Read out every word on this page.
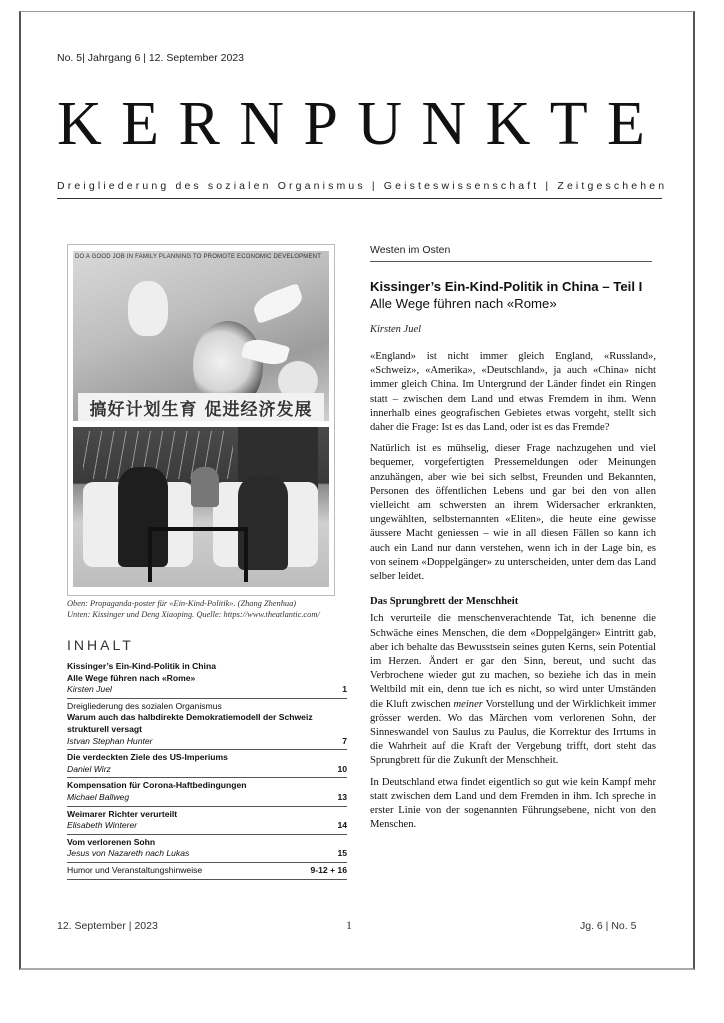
No. 5| Jahrgang 6 | 12. September 2023
KERNPUNKTE
Dreigliederung des sozialen Organismus | Geisteswissenschaft | Zeitgeschehen
DO A GOOD JOB IN FAMILY PLANNING TO PROMOTE ECONOMIC DEVELOPMENT
搞好计划生育 促进经济发展
Oben: Propaganda-poster für «Ein-Kind-Politik». (Zhang Zhenhua)
Unten: Kissinger und Deng Xiaoping. Quelle: https://www.theatlantic.com/
INHALT
Kissinger’s Ein-Kind-Politik in China
Alle Wege führen nach «Rome»
Kirsten Juel	1
Dreigliederung des sozialen Organismus
Warum auch das halbdirekte Demokratiemodell der Schweiz strukturell versagt
Istvan Stephan Hunter	7
Die verdeckten Ziele des US-Imperiums
Daniel Wirz	10
Kompensation für Corona-Haftbedingungen
Michael Ballweg	13
Weimarer Richter verurteilt
Elisabeth Winterer	14
Vom verlorenen Sohn
Jesus von Nazareth nach Lukas	15
Humor und Veranstaltungshinweise	9-12 + 16
Westen im Osten
Kissinger’s Ein-Kind-Politik in China – Teil I
Alle Wege führen nach «Rome»
Kirsten Juel

«England» ist nicht immer gleich England, «Russland», «Schweiz», «Amerika», «Deutschland», ja auch «China» nicht immer gleich China. Im Untergrund der Länder findet ein Ringen statt – zwischen dem Land und etwas Fremdem in ihm. Wenn innerhalb eines geografischen Gebietes etwas vorgeht, stellt sich daher die Frage: Ist es das Land, oder ist es das Fremde?

Natürlich ist es mühselig, dieser Frage nachzugehen und viel bequemer, vorgefertigten Pressemeldungen oder Meinungen anzuhängen, aber wie bei sich selbst, Freunden und Bekannten, Personen des öffentlichen Lebens und gar bei den von allen vielleicht am schwersten an ihrem Widersacher erkrankten, ungewählten, selbsternannten «Eliten», die heute eine gewisse äussere Macht geniessen – wie in all diesen Fällen so kann ich auch ein Land nur dann verstehen, wenn ich in der Lage bin, es von seinem «Doppelgänger» zu unterscheiden, unter dem das Land selber leidet.

Das Sprungbrett der Menschheit

Ich verurteile die menschenverachtende Tat, ich benenne die Schwäche eines Menschen, die dem «Doppelgänger» Eintritt gab, aber ich behalte das Bewusstsein seines guten Kerns, sein Potential im Herzen. Ändert er gar den Sinn, bereut, und sucht das Verbrochene wieder gut zu machen, so beziehe ich das in mein Weltbild mit ein, denn tue ich es nicht, so wird unter Umständen die Kluft zwischen meiner Vorstellung und der Wirklichkeit immer grösser werden. Wo das Märchen vom verlorenen Sohn, der Sinneswandel von Saulus zu Paulus, die Korrektur des Irrtums in die Wahrheit auf die Kraft der Vergebung trifft, dort steht das Sprungbrett für die Zukunft der Menschheit.

In Deutschland etwa findet eigentlich so gut wie kein Kampf mehr statt zwischen dem Land und dem Fremden in ihm. Ich spreche in erster Linie von der sogenannten Führungsebene, nicht von den Menschen.

12. September | 2023	1	Jg. 6 | No. 5
